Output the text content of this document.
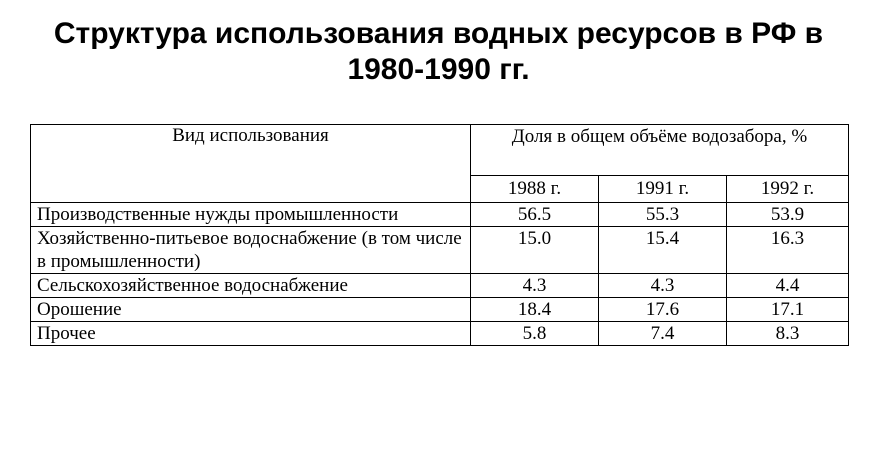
Структура использования водных ресурсов в РФ в
1980-1990 гг.
Вид использования	Доля в общем объёме водозабора, %		
	1988 г.	1991 г.	1992 г.
Производственные нужды промышленности	56.5	55.3	53.9
Хозяйственно-питьевое водоснабжение (в том числе в промышленности)	15.0	15.4	16.3
Сельскохозяйственное водоснабжение	4.3	4.3	4.4
Орошение	18.4	17.6	17.1
Прочее	5.8	7.4	8.3
